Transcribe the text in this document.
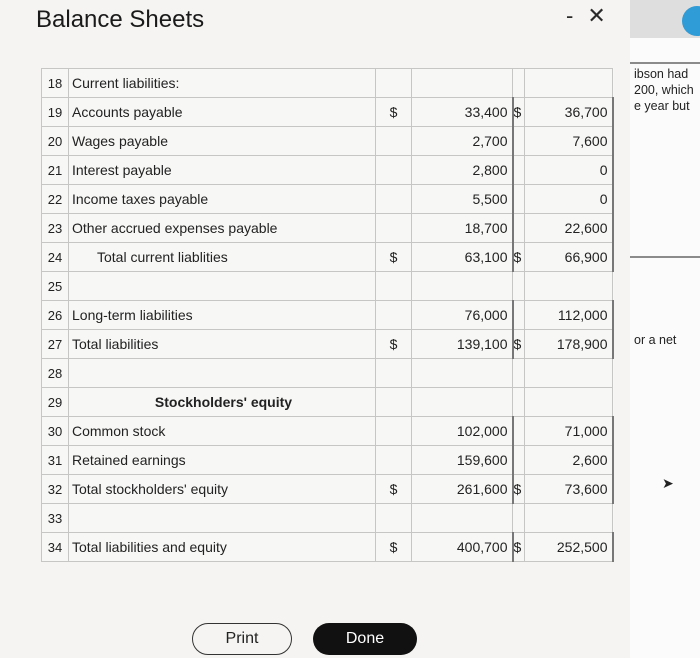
Balance Sheets	- ✕
18	Current liabilities:				
19	Accounts payable	$	33,400	$	36,700
20	Wages payable		2,700		7,600
21	Interest payable		2,800		0
22	Income taxes payable		5,500		0
23	Other accrued expenses payable		18,700		22,600
24	Total current liablities	$	63,100	$	66,900
25					
26	Long-term liabilities		76,000		112,000
27	Total liabilities	$	139,100	$	178,900
28					
29	Stockholders' equity				
30	Common stock		102,000		71,000
31	Retained earnings		159,600		2,600
32	Total stockholders' equity	$	261,600	$	73,600
33					
34	Total liabilities and equity	$	400,700	$	252,500
Print	Done
ibson had
200, which
e year but
or a net
➤
